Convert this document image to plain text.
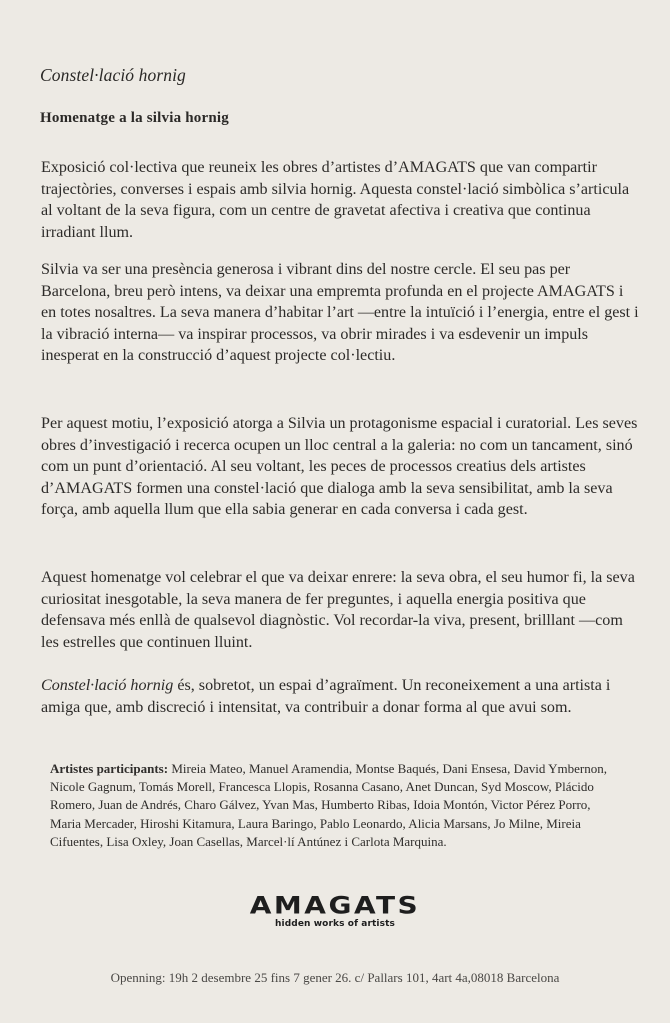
Constel·lació hornig
Homenatge a la silvia hornig

Exposició col·lectiva que reuneix les obres d’artistes d’AMAGATS que van compartir trajectòries, converses i espais amb silvia hornig. Aquesta constel·lació simbòlica s’articula al voltant de la seva figura, com un centre de gravetat afectiva i creativa que continua irradiant llum.

Silvia va ser una presència generosa i vibrant dins del nostre cercle. El seu pas per Barcelona, breu però intens, va deixar una empremta profunda en el projecte AMAGATS i en totes nosaltres. La seva manera d’habitar l’art —entre la intuïció i l’energia, entre el gest i la vibració interna— va inspirar processos, va obrir mirades i va esdevenir un impuls inesperat en la construcció d’aquest projecte col·lectiu.

Per aquest motiu, l’exposició atorga a Silvia un protagonisme espacial i curatorial. Les seves obres d’investigació i recerca ocupen un lloc central a la galeria: no com un tancament, sinó com un punt d’orientació. Al seu voltant, les peces de processos creatius dels artistes d’AMAGATS formen una constel·lació que dialoga amb la seva sensibilitat, amb la seva força, amb aquella llum que ella sabia generar en cada conversa i cada gest.

Aquest homenatge vol celebrar el que va deixar enrere: la seva obra, el seu humor fi, la seva curiositat inesgotable, la seva manera de fer preguntes, i aquella energia positiva que defensava més enllà de qualsevol diagnòstic. Vol recordar-la viva, present, brilllant —com les estrelles que continuen lluint.

Constel·lació hornig és, sobretot, un espai d’agraïment. Un reconeixement a una artista i amiga que, amb discreció i intensitat, va contribuir a donar forma al que avui som.

Artistes participants: Mireia Mateo, Manuel Aramendia, Montse Baqués, Dani Ensesa, David Ymbernon, Nicole Gagnum, Tomás Morell, Francesca Llopis, Rosanna Casano, Anet Duncan, Syd Moscow, Plácido Romero, Juan de Andrés, Charo Gálvez, Yvan Mas, Humberto Ribas, Idoia Montón, Victor Pérez Porro, Maria Mercader, Hiroshi Kitamura, Laura Baringo, Pablo Leonardo, Alicia Marsans, Jo Milne, Mireia Cifuentes, Lisa Oxley, Joan Casellas, Marcel·lí Antúnez i Carlota Marquina.

AMAGATS
hidden works of artists

Openning: 19h 2 desembre 25 fins 7 gener 26. c/ Pallars 101, 4art 4a,08018 Barcelona
